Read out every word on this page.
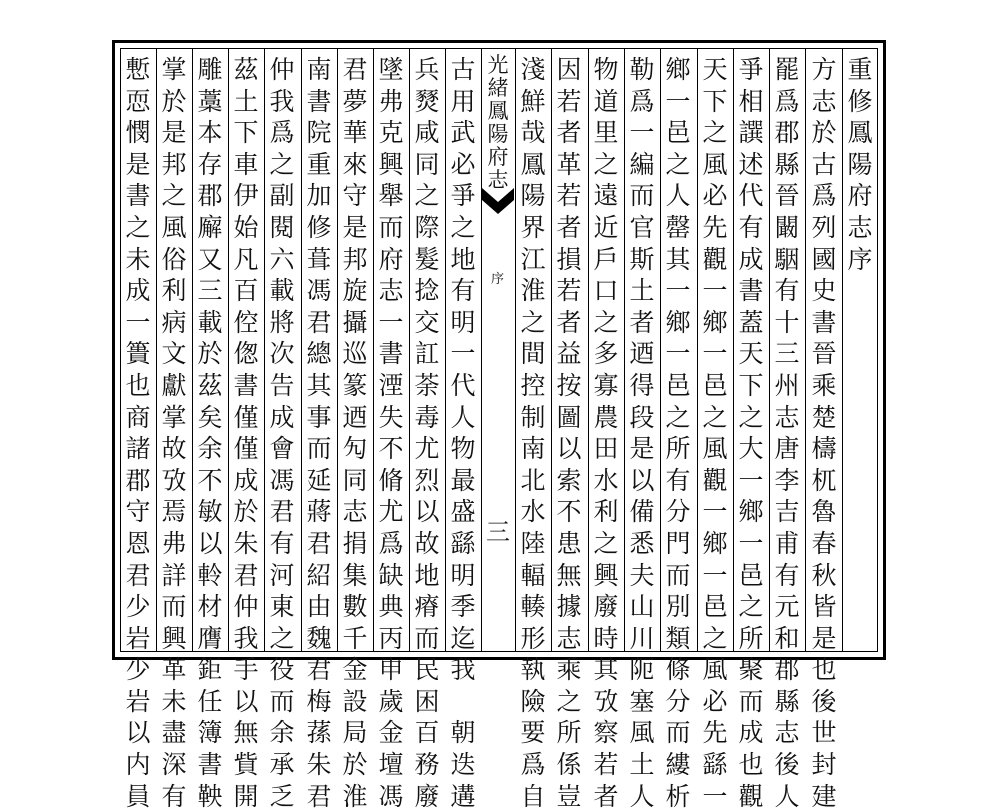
重
修
鳳
陽
府
志
序
方
志
於
古
爲
列
國
史
書
晉
乘
楚
檮
杌
魯
春
秋
皆
是
也
後
世
封
建
罷
爲
郡
縣
晉
闞
駰
有
十
三
州
志
唐
李
吉
甫
有
元
和
郡
縣
志
後
人
爭
相
譔
述
代
有
成
書
蓋
天
下
之
大
一
鄉
一
邑
之
所
聚
而
成
也
觀
天
下
之
風
必
先
觀
一
鄉
一
邑
之
風
觀
一
鄉
一
邑
之
風
必
先
繇
一
鄉
一
邑
之
人
罄
其
一
鄉
一
邑
之
所
有
分
門
而
別
類
條
分
而
縷
析
勒
爲
一
編
而
官
斯
土
者
迺
得
段
是
以
備
悉
夫
山
川
阨
塞
風
土
人
物
道
里
之
遠
近
戶
口
之
多
寡
農
田
水
利
之
興
廢
時
其
攷
察
若
者
因
若
者
革
若
者
損
若
者
益
按
圖
以
索
不
患
無
據
志
乘
之
所
係
豈
淺
鮮
哉
鳳
陽
界
江
淮
之
間
控
制
南
北
水
陸
輻
輳
形
執
險
要
爲
自
古
用
武
必
爭
之
地
有
明
一
代
人
物
最
盛
繇
明
季
迄
我

朝
迭
遘
兵
燹
咸
同
之
際
髮
捻
交
訌
荼
毒
尤
烈
以
故
地
瘠
而
民
困
百
務
廢
墜
弗
克
興
舉
而
府
志
一
書
湮
失
不
脩
尤
爲
缺
典
丙
申
歲
金
壇
馮
君
夢
華
來
守
是
邦
旋
攝
巡
篆
迺
勼
同
志
捐
集
數
千
金
設
局
於
淮
南
書
院
重
加
修
葺
馮
君
總
其
事
而
延
蔣
君
紹
由
魏
君
梅
蓀
朱
君
仲
我
爲
之
副
閱
六
載
將
次
告
成
會
馮
君
有
河
東
之
役
而
余
承
乏
茲
土
下
車
伊
始
凡
百
倥
偬
書
僅
僅
成
於
朱
君
仲
我
手
以
無
貲
開
雕
藁
本
存
郡
廨
又
三
載
於
茲
矣
余
不
敏
以
軨
材
膺
鉅
任
簿
書
鞅
掌
於
是
邦
之
風
俗
利
病
文
獻
掌
故
攷
焉
弗
詳
而
興
革
未
盡
深
有
慙
恧
憫
是
書
之
未
成
一
簣
也
商
諸
郡
守
恩
君
少
岩
少
岩
以
内
員
光
緒
鳳
陽
府
志
序
三
